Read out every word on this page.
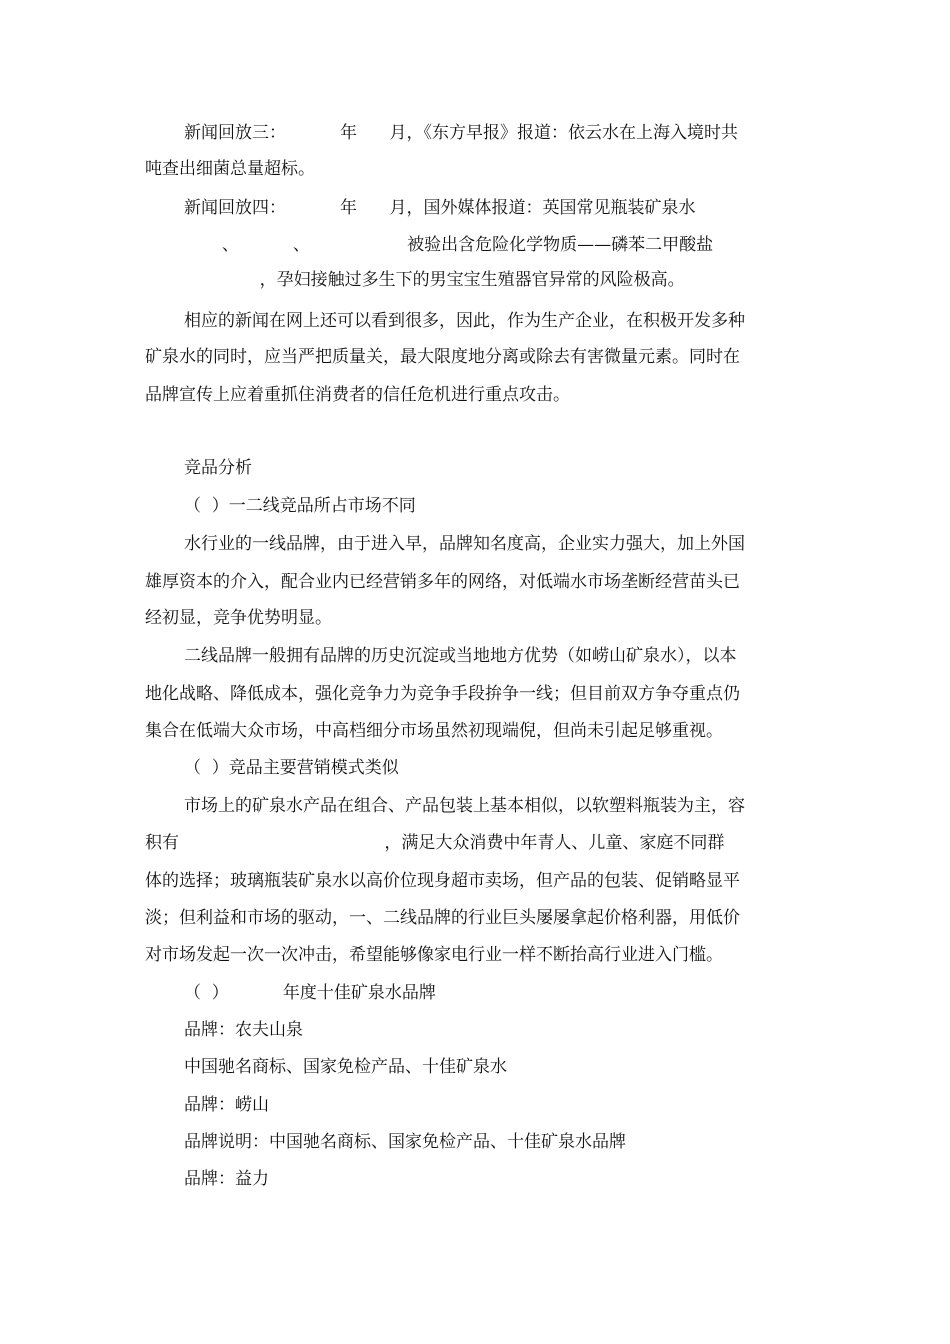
新闻回放三：          年      月，《东方早报》报道：依云水在上海入境时共
吨查出细菌总量超标。
新闻回放四：          年      月，国外媒体报道：英国常见瓶装矿泉水
、          、                  被验出含危险化学物质——磷苯二甲酸盐
，孕妇接触过多生下的男宝宝生殖器官异常的风险极高。
相应的新闻在网上还可以看到很多，因此，作为生产企业，在积极开发多种
矿泉水的同时，应当严把质量关，最大限度地分离或除去有害微量元素。同时在
品牌宣传上应着重抓住消费者的信任危机进行重点攻击。
竞品分析
（  ）一二线竞品所占市场不同
水行业的一线品牌，由于进入早，品牌知名度高，企业实力强大，加上外国
雄厚资本的介入，配合业内已经营销多年的网络，对低端水市场垄断经营苗头已
经初显，竞争优势明显。
二线品牌一般拥有品牌的历史沉淀或当地地方优势（如崂山矿泉水），以本
地化战略、降低成本，强化竞争力为竞争手段拚争一线；但目前双方争夺重点仍
集合在低端大众市场，中高档细分市场虽然初现端倪，但尚未引起足够重视。
（  ）竞品主要营销模式类似
市场上的矿泉水产品在组合、产品包装上基本相似，以软塑料瓶装为主，容
积有                                      ，满足大众消费中年青人、儿童、家庭不同群
体的选择；玻璃瓶装矿泉水以高价位现身超市卖场，但产品的包装、促销略显平
淡；但利益和市场的驱动，一、二线品牌的行业巨头屡屡拿起价格利器，用低价
对市场发起一次一次冲击，希望能够像家电行业一样不断抬高行业进入门槛。
（  ）          年度十佳矿泉水品牌
品牌：农夫山泉
中国驰名商标、国家免检产品、十佳矿泉水
品牌：崂山
品牌说明：中国驰名商标、国家免检产品、十佳矿泉水品牌
品牌：益力
